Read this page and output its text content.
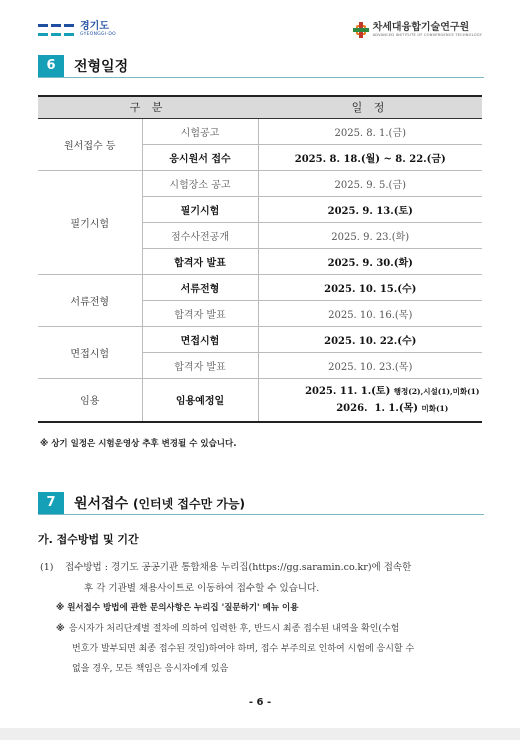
경기도
GYEONGGI-DO
차세대융합기술연구원
ADVANCED INSTITUTE OF CONVERGENCE TECHNOLOGY
6	전형일정
구 분		일 정
원서접수 등	시험공고	2025. 8. 1.(금)
	응시원서 접수	2025. 8. 18.(월) ~ 8. 22.(금)
필기시험	시험장소 공고	2025. 9. 5.(금)
	필기시험	2025. 9. 13.(토)
	점수사전공개	2025. 9. 23.(화)
	합격자 발표	2025. 9. 30.(화)
서류전형	서류전형	2025. 10. 15.(수)
	합격자 발표	2025. 10. 16.(목)
면접시험	면접시험	2025. 10. 22.(수)
	합격자 발표	2025. 10. 23.(목)
임용	임용예정일	2025. 11. 1.(토) 행정(2),시설(1),미화(1)
2026.  1. 1.(목) 미화(1)
※ 상기 일정은 시험운영상 추후 변경될 수 있습니다.
7	원서접수 (인터넷 접수만 가능)
가. 접수방법 및 기간
(1) 접수방법 : 경기도 공공기관 통합채용 누리집(https://gg.saramin.co.kr)에 접속한
후 각 기관별 채용사이트로 이동하여 접수할 수 있습니다.
※ 원서접수 방법에 관한 문의사항은 누리집 '질문하기' 메뉴 이용
※ 응시자가 처리단계별 절차에 의하여 입력한 후, 반드시 최종 접수된 내역을 확인(수험
번호가 발부되면 최종 접수된 것임)하여야 하며, 접수 부주의로 인하여 시험에 응시할 수
없을 경우, 모든 책임은 응시자에게 있음
- 6 -
